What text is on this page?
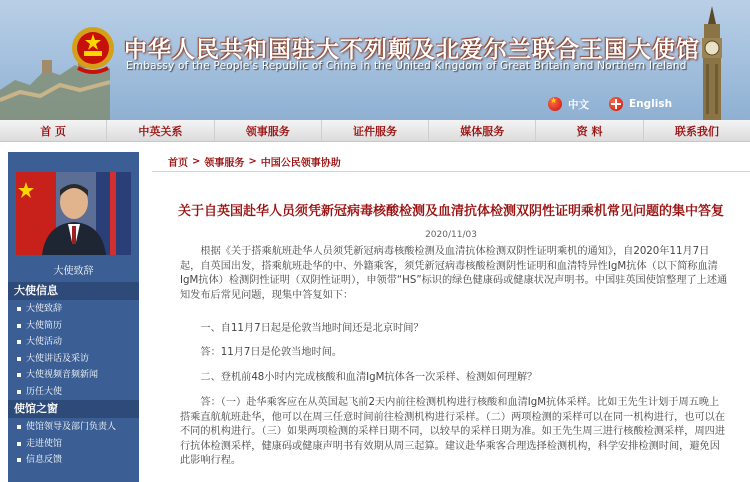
中华人民共和国驻大不列颠及北爱尔兰联合王国大使馆
Embassy of the People's Republic of China in the United Kingdom of Great Britain and Northern Ireland
★
中文	English
首 页	中英关系	领事服务	证件服务	媒体服务	资 料	联系我们
大使致辞
大使信息
大使致辞
大使简历
大使活动
大使讲话及采访
大使视频音频新闻
历任大使
使馆之窗
使馆领导及部门负责人
走进使馆
信息反馈
首页 > 领事服务 > 中国公民领事协助
关于自英国赴华人员须凭新冠病毒核酸检测及血清抗体检测双阴性证明乘机常见问题的集中答复
2020/11/03
根据《关于搭乘航班赴华人员须凭新冠病毒核酸检测及血清抗体检测双阴性证明乘机的通知》，自2020年11月7日起，自英国出发，搭乘航班赴华的中、外籍乘客，须凭新冠病毒核酸检测阴性证明和血清特异性IgM抗体（以下简称血清IgM抗体）检测阴性证明（双阴性证明），申领带“HS”标识的绿色健康码或健康状况声明书。中国驻英国使馆整理了上述通知发布后常见问题，现集中答复如下：
一、自11月7日起是伦敦当地时间还是北京时间？
答：11月7日是伦敦当地时间。
二、登机前48小时内完成核酸和血清IgM抗体各一次采样、检测如何理解？
答：（一）赴华乘客应在从英国起飞前2天内前往检测机构进行核酸和血清IgM抗体采样。比如王先生计划于周五晚上搭乘直航航班赴华，他可以在周三任意时间前往检测机构进行采样。（二）两项检测的采样可以在同一机构进行，也可以在不同的机构进行。（三）如果两项检测的采样日期不同，以较早的采样日期为准。如王先生周三进行核酸检测采样，周四进行抗体检测采样，健康码或健康声明书有效期从周三起算。建议赴华乘客合理选择检测机构，科学安排检测时间，避免因此影响行程。
